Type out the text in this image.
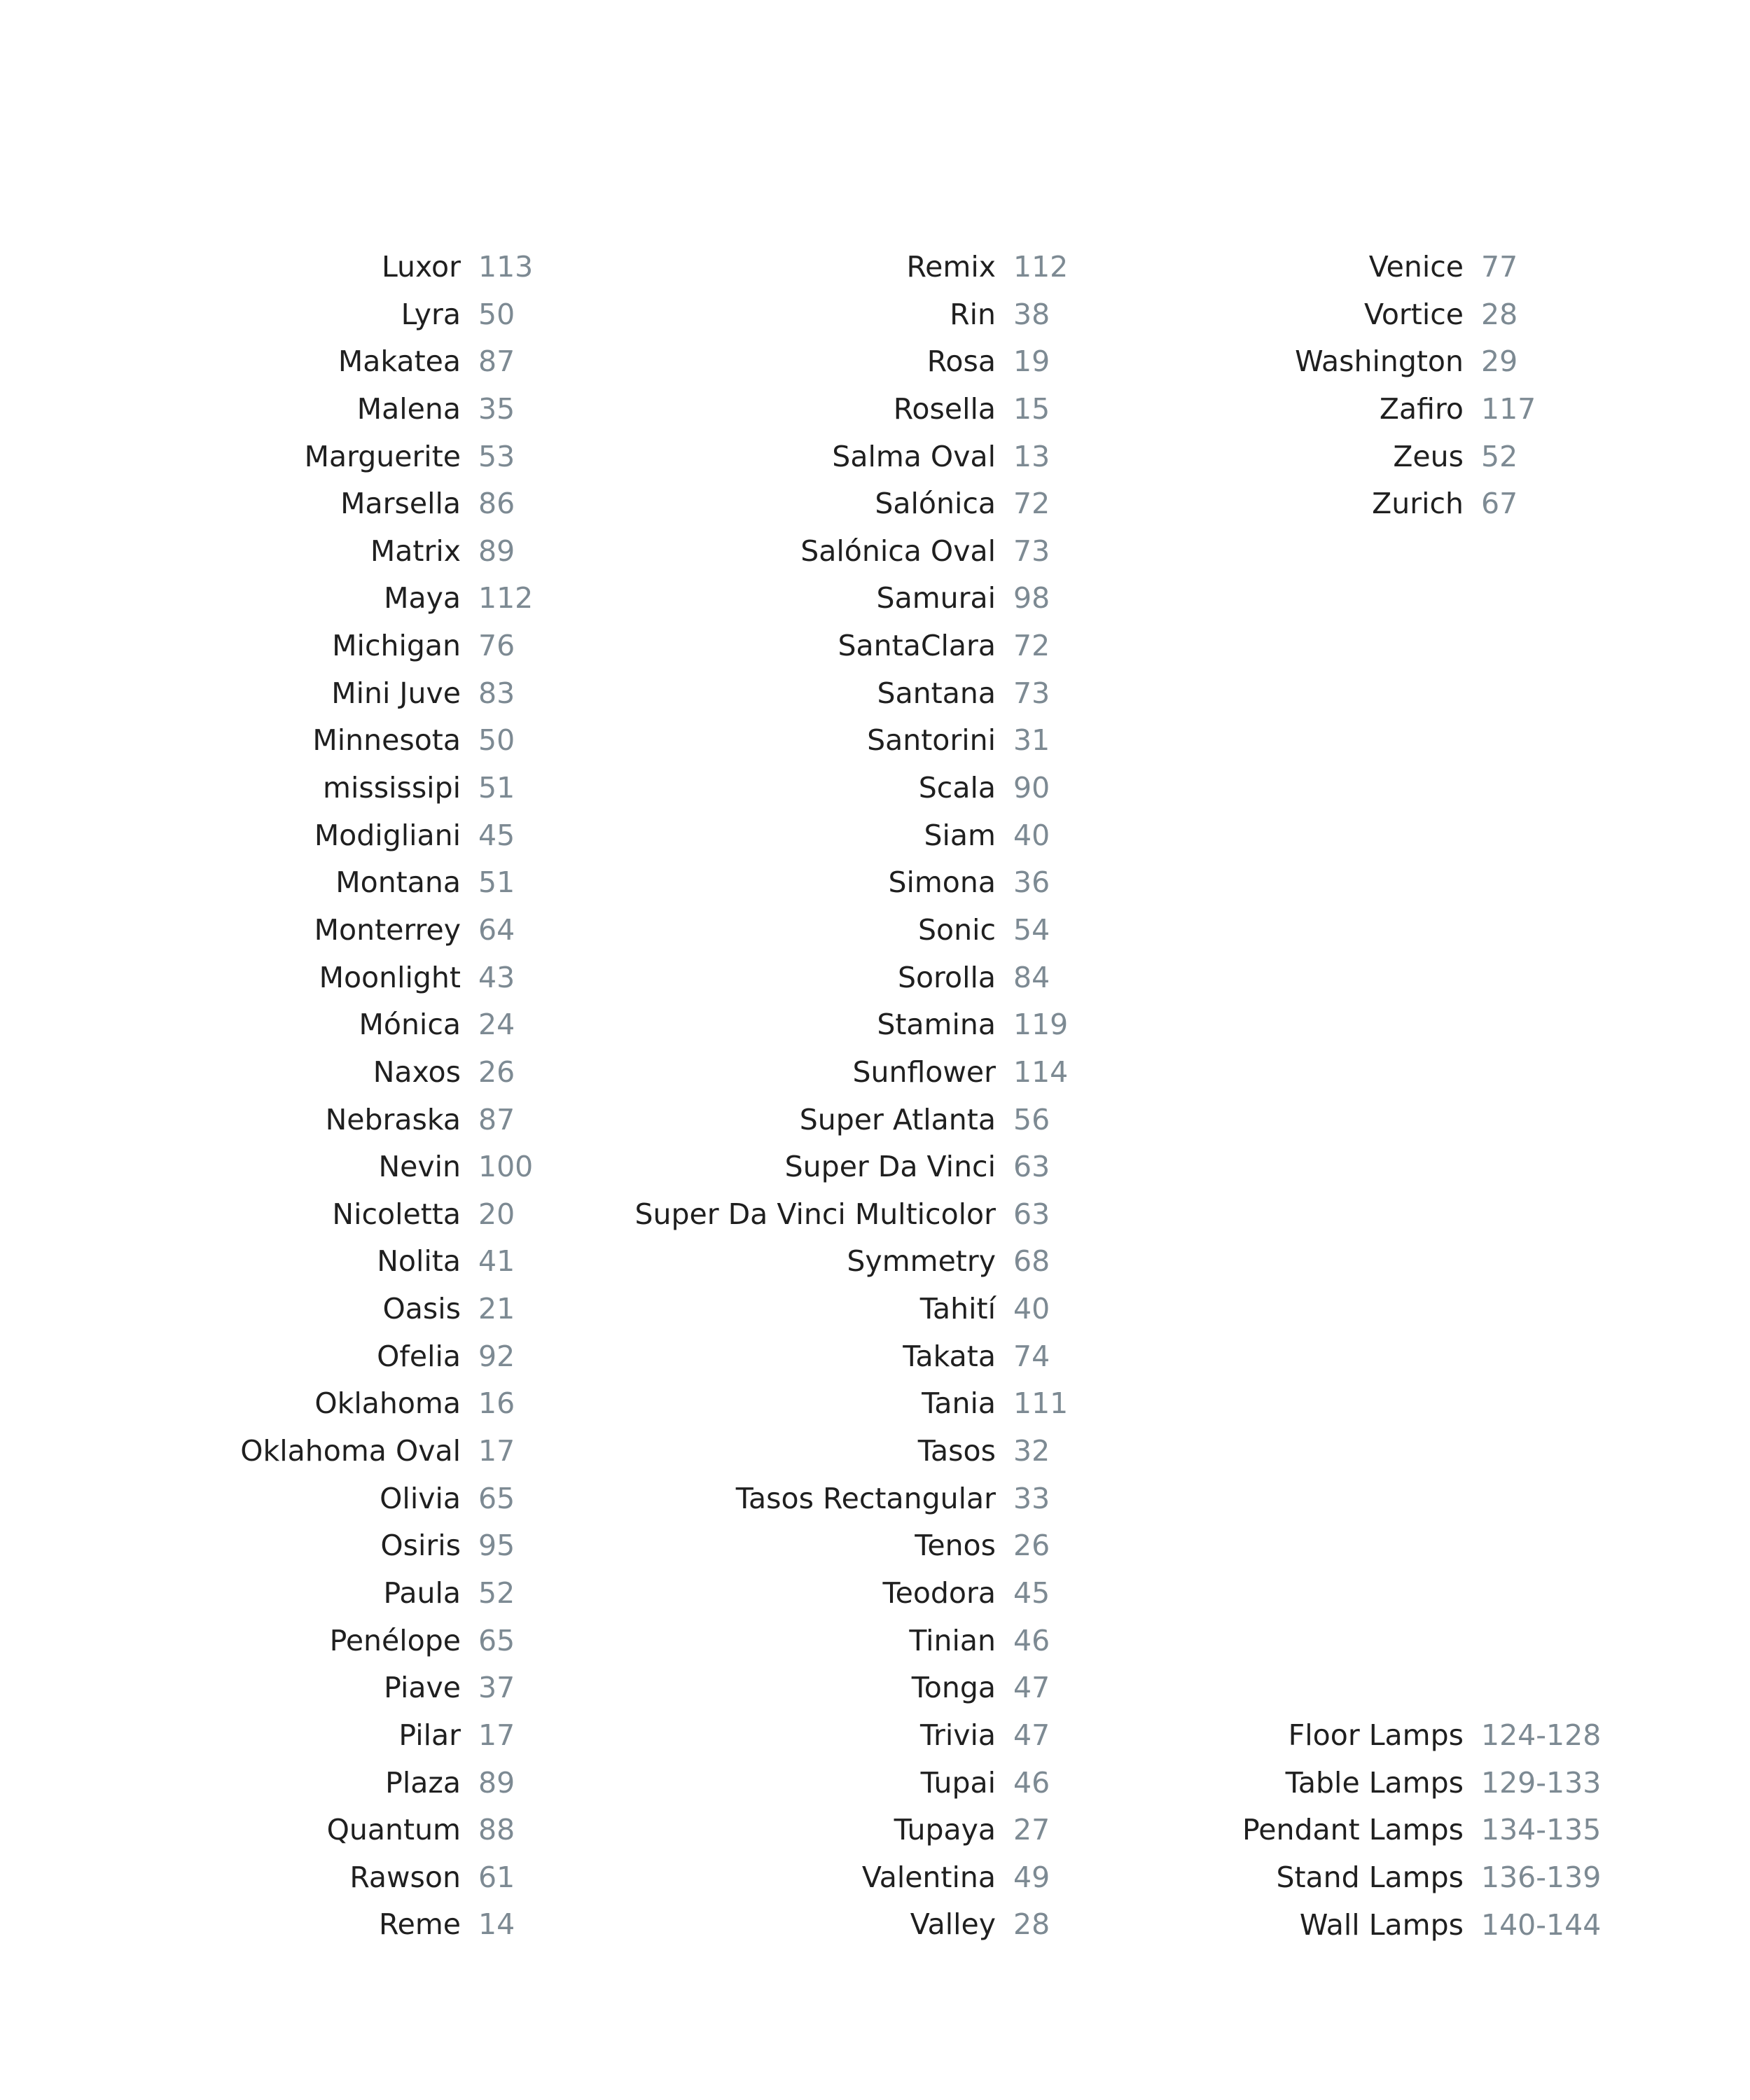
Luxor 113
Lyra 50
Makatea 87
Malena 35
Marguerite 53
Marsella 86
Matrix 89
Maya 112
Michigan 76
Mini Juve 83
Minnesota 50
mississipi 51
Modigliani 45
Montana 51
Monterrey 64
Moonlight 43
Mónica 24
Naxos 26
Nebraska 87
Nevin 100
Nicoletta 20
Nolita 41
Oasis 21
Ofelia 92
Oklahoma 16
Oklahoma Oval 17
Olivia 65
Osiris 95
Paula 52
Penélope 65
Piave 37
Pilar 17
Plaza 89
Quantum 88
Rawson 61
Reme 14
Remix 112
Rin 38
Rosa 19
Rosella 15
Salma Oval 13
Salónica 72
Salónica Oval 73
Samurai 98
SantaClara 72
Santana 73
Santorini 31
Scala 90
Siam 40
Simona 36
Sonic 54
Sorolla 84
Stamina 119
Sunflower 114
Super Atlanta 56
Super Da Vinci 63
Super Da Vinci Multicolor 63
Symmetry 68
Tahití 40
Takata 74
Tania 111
Tasos 32
Tasos Rectangular 33
Tenos 26
Teodora 45
Tinian 46
Tonga 47
Trivia 47
Tupai 46
Tupaya 27
Valentina 49
Valley 28
Venice 77
Vortice 28
Washington 29
Zafiro 117
Zeus 52
Zurich 67
Floor Lamps 124-128
Table Lamps 129-133
Pendant Lamps 134-135
Stand Lamps 136-139
Wall Lamps 140-144
